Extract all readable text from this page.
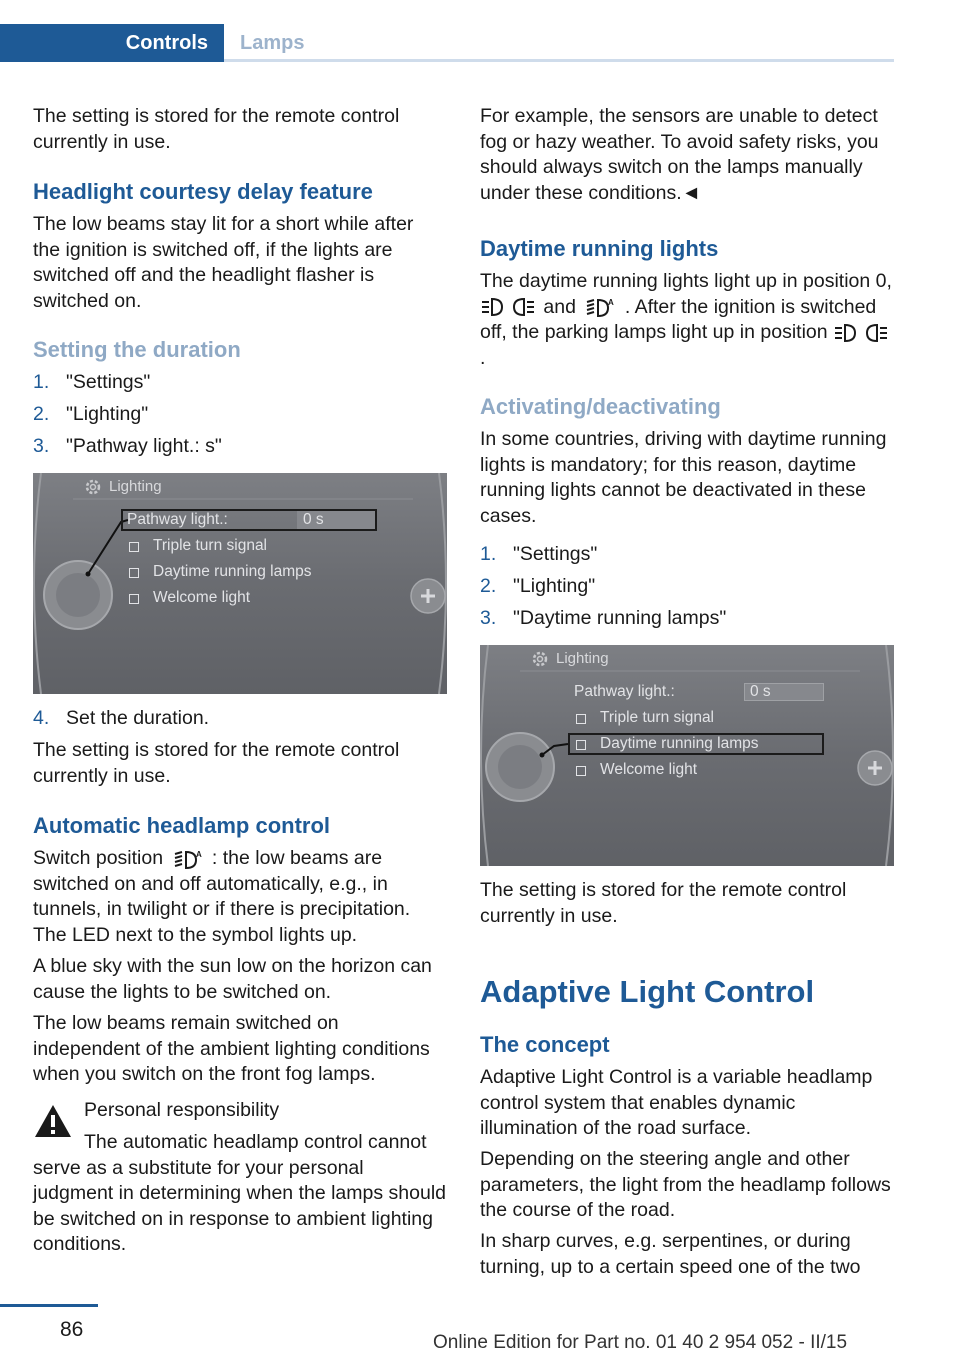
Controls	Lamps

The setting is stored for the remote control currently in use.

Headlight courtesy delay feature

The low beams stay lit for a short while after the ignition is switched off, if the lights are switched off and the headlight flasher is switched on.

Setting the duration
1. "Settings"
2. "Lighting"
3. "Pathway light.: s"
Lighting
Pathway light.:	0 s
Triple turn signal
Daytime running lamps
Welcome light
4. Set the duration.

The setting is stored for the remote control currently in use.

Automatic headlamp control

Switch position	A : the low beams are switched on and off automatically, e.g., in tunnels, in twilight or if there is precipitation. The LED next to the symbol lights up.

A blue sky with the sun low on the horizon can cause the lights to be switched on.

The low beams remain switched on independent of the ambient lighting conditions when you switch on the front fog lamps.

Personal responsibility
The automatic headlamp control cannot serve as a substitute for your personal judgment in determining when the lamps should be switched on in response to ambient lighting conditions.

For example, the sensors are unable to detect fog or hazy weather. To avoid safety risks, you should always switch on the lamps manually under these conditions.◄

Daytime running lights

The daytime running lights light up in position 0,  and	A . After the ignition is switched off, the parking lamps light up in position  .

Activating/deactivating

In some countries, driving with daytime running lights is mandatory; for this reason, daytime running lights cannot be deactivated in these cases.

1. "Settings"
2. "Lighting"
3. "Daytime running lamps"
Lighting
Pathway light.:	0 s
Triple turn signal
Daytime running lamps
Welcome light

The setting is stored for the remote control currently in use.

Adaptive Light Control
The concept

Adaptive Light Control is a variable headlamp control system that enables dynamic illumination of the road surface.

Depending on the steering angle and other parameters, the light from the headlamp follows the course of the road.

In sharp curves, e.g. serpentines, or during turning, up to a certain speed one of the two

86
Online Edition for Part no. 01 40 2 954 052 - II/15
